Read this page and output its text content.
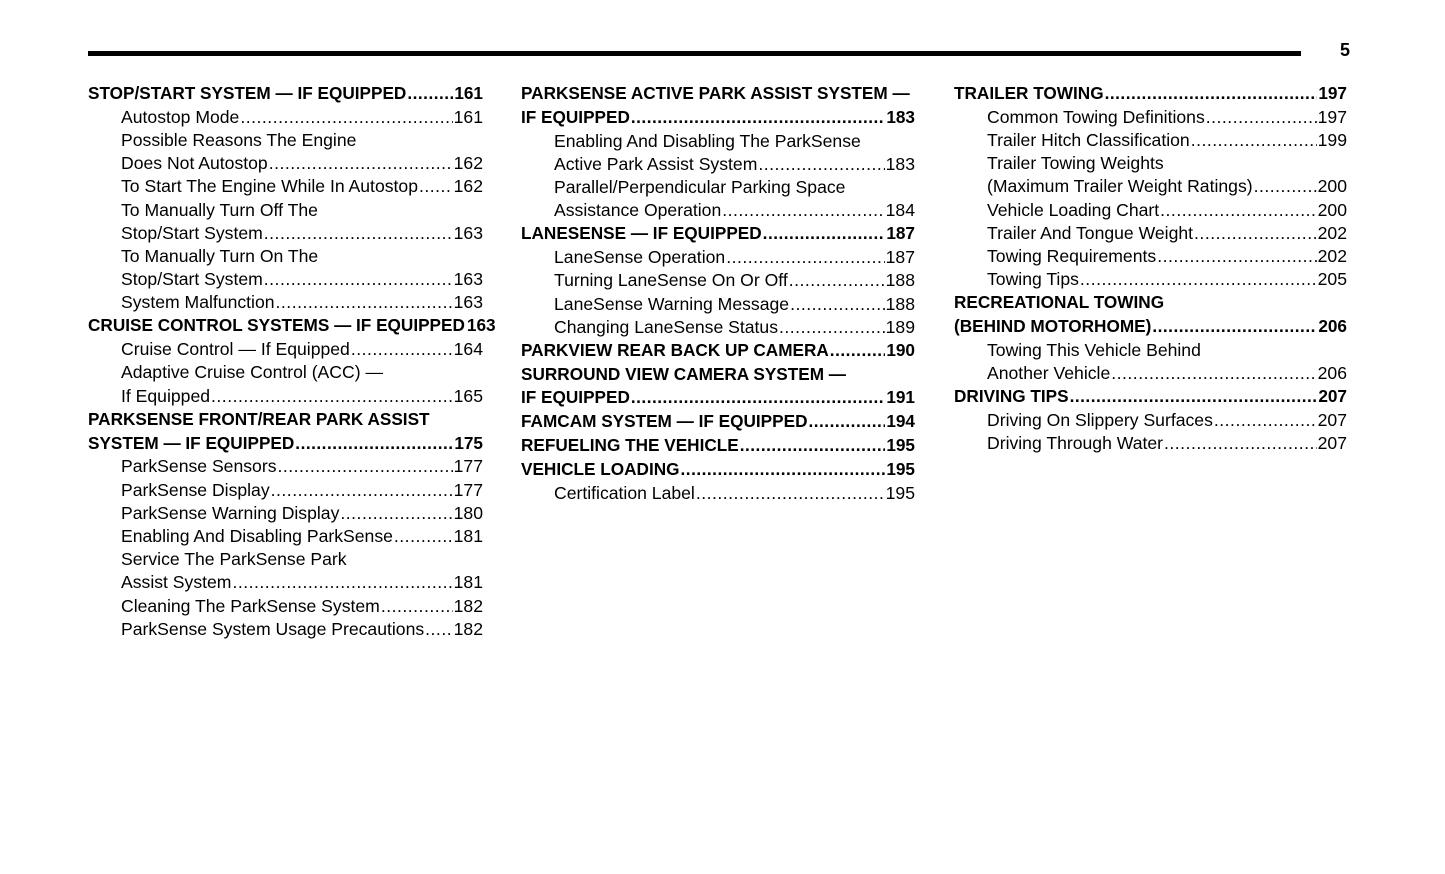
5
STOP/START SYSTEM — IF EQUIPPED .....	161
Autostop Mode .....	161
Possible Reasons The Engine
Does Not Autostop .....	162
To Start The Engine While In Autostop ..... 162
To Manually Turn Off The
Stop/Start System .....	163
To Manually Turn On The
Stop/Start System .....	163
System Malfunction .....	163
CRUISE CONTROL SYSTEMS — IF EQUIPPED 163
Cruise Control — If Equipped .....	164
Adaptive Cruise Control (ACC) —
If Equipped .....	165
PARKSENSE FRONT/REAR PARK ASSIST
SYSTEM — IF EQUIPPED .....	175
ParkSense Sensors .....	177
ParkSense Display .....	177
ParkSense Warning Display .....	180
Enabling And Disabling ParkSense .....	181
Service The ParkSense Park
Assist System .....	181
Cleaning The ParkSense System .....	182
ParkSense System Usage Precautions ..... 182
PARKSENSE ACTIVE PARK ASSIST SYSTEM —
IF EQUIPPED .....	183
Enabling And Disabling The ParkSense
Active Park Assist System .....	183
Parallel/Perpendicular Parking Space
Assistance Operation .....	184
LANESENSE — IF EQUIPPED .....	187
LaneSense Operation .....	187
Turning LaneSense On Or Off .....	188
LaneSense Warning Message .....	188
Changing LaneSense Status .....	189
PARKVIEW REAR BACK UP CAMERA .....	190
SURROUND VIEW CAMERA SYSTEM —
IF EQUIPPED .....	191
FAMCAM SYSTEM — IF EQUIPPED .....	194
REFUELING THE VEHICLE .....	195
VEHICLE LOADING .....	195
Certification Label .....	195
TRAILER TOWING .....	197
Common Towing Definitions .....	197
Trailer Hitch Classification .....	199
Trailer Towing Weights
(Maximum Trailer Weight Ratings) .....	200
Vehicle Loading Chart .....	200
Trailer And Tongue Weight .....	202
Towing Requirements .....	202
Towing Tips .....	205
RECREATIONAL TOWING
(BEHIND MOTORHOME) .....	206
Towing This Vehicle Behind
Another Vehicle .....	206
DRIVING TIPS .....	207
Driving On Slippery Surfaces .....	207
Driving Through Water .....	207
